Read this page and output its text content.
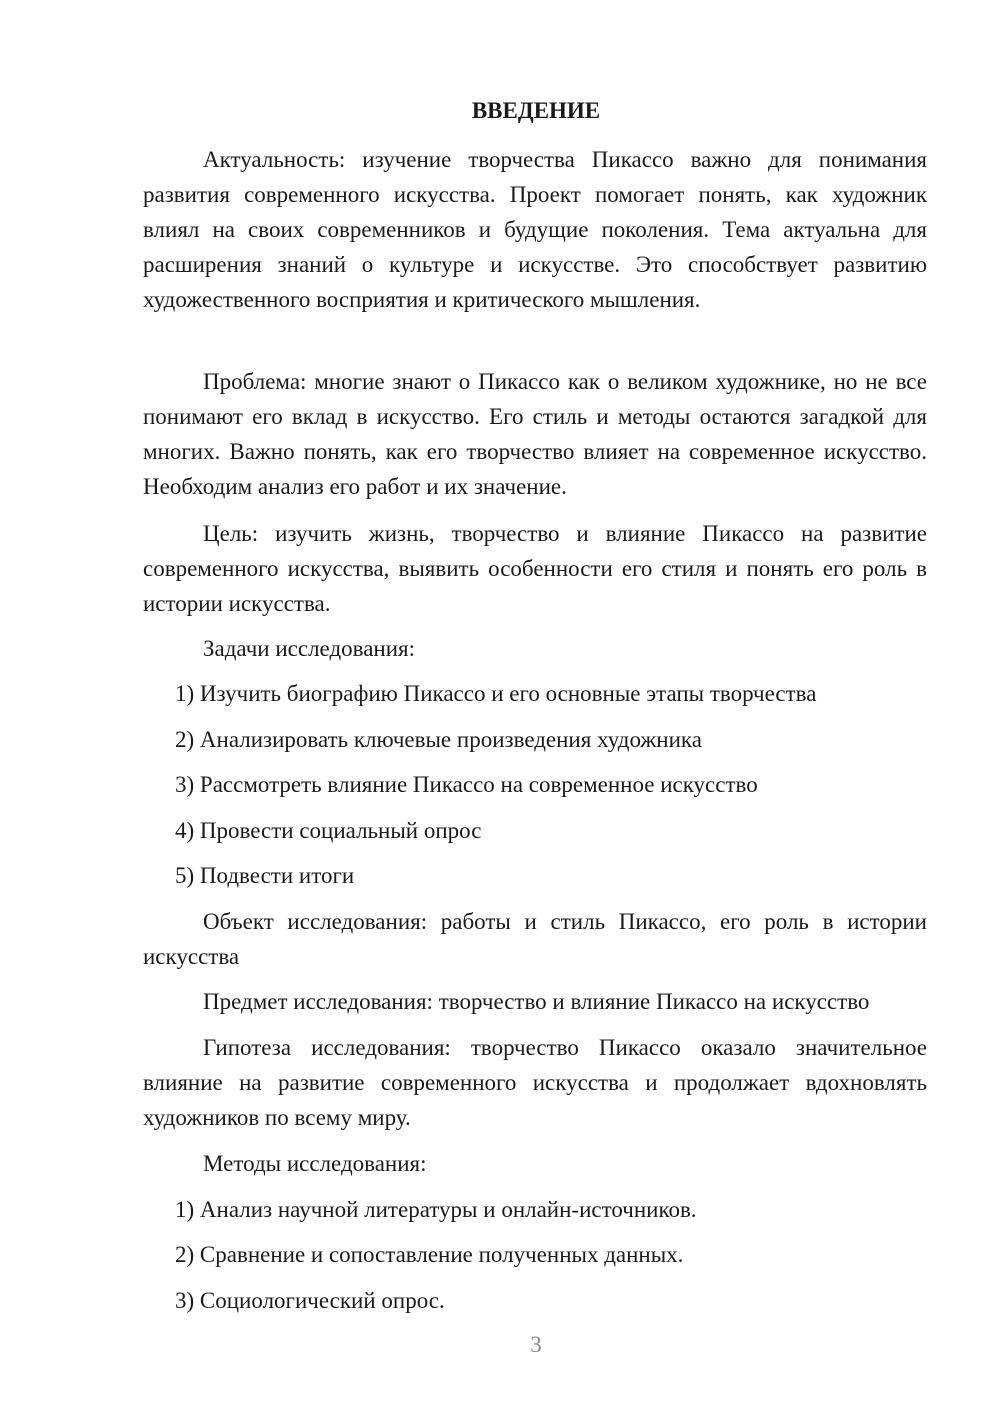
ВВЕДЕНИЕ

Актуальность: изучение творчества Пикассо важно для понимания развития современного искусства. Проект помогает понять, как художник влиял на своих современников и будущие поколения. Тема актуальна для расширения знаний о культуре и искусстве. Это способствует развитию художественного восприятия и критического мышления.

Проблема: многие знают о Пикассо как о великом художнике, но не все понимают его вклад в искусство. Его стиль и методы остаются загадкой для многих. Важно понять, как его творчество влияет на современное искусство. Необходим анализ его работ и их значение.

Цель: изучить жизнь, творчество и влияние Пикассо на развитие современного искусства, выявить особенности его стиля и понять его роль в истории искусства.

Задачи исследования:

1) Изучить биографию Пикассо и его основные этапы творчества

2) Анализировать ключевые произведения художника

3) Рассмотреть влияние Пикассо на современное искусство

4) Провести социальный опрос

5) Подвести итоги

Объект исследования: работы и стиль Пикассо, его роль в истории искусства

Предмет исследования: творчество и влияние Пикассо на искусство

Гипотеза исследования: творчество Пикассо оказало значительное влияние на развитие современного искусства и продолжает вдохновлять художников по всему миру.

Методы исследования:

1) Анализ научной литературы и онлайн-источников.

2) Сравнение и сопоставление полученных данных.

3) Социологический опрос.

3
